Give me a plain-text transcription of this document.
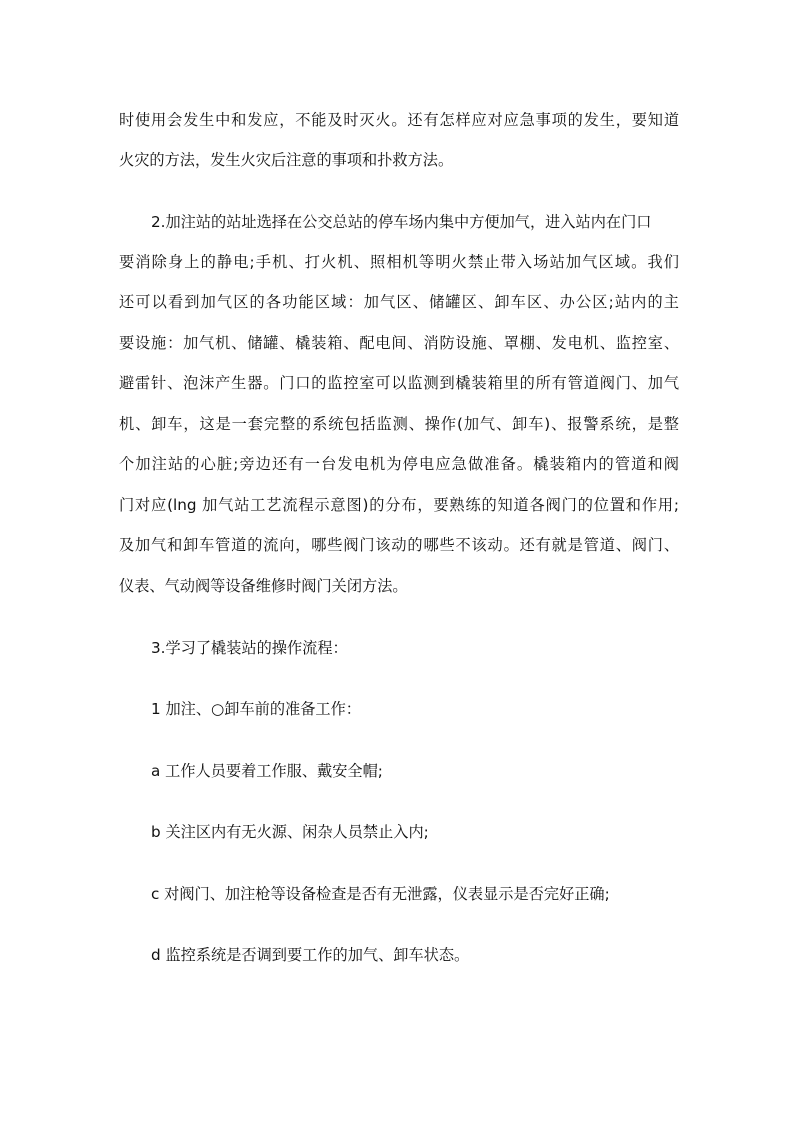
时使用会发生中和发应，不能及时灭火。还有怎样应对应急事项的发生，要知道
火灾的方法，发生火灾后注意的事项和扑救方法。
2.加注站的站址选择在公交总站的停车场内集中方便加气，进入站内在门口
要消除身上的静电;手机、打火机、照相机等明火禁止带入场站加气区域。我们
还可以看到加气区的各功能区域：加气区、储罐区、卸车区、办公区;站内的主
要设施：加气机、储罐、橇装箱、配电间、消防设施、罩棚、发电机、监控室、
避雷针、泡沫产生器。门口的监控室可以监测到橇装箱里的所有管道阀门、加气
机、卸车，这是一套完整的系统包括监测、操作(加气、卸车)、报警系统，是整
个加注站的心脏;旁边还有一台发电机为停电应急做准备。橇装箱内的管道和阀
门对应(lng 加气站工艺流程示意图)的分布，要熟练的知道各阀门的位置和作用;
及加气和卸车管道的流向，哪些阀门该动的哪些不该动。还有就是管道、阀门、
仪表、气动阀等设备维修时阀门关闭方法。
3.学习了橇装站的操作流程：
1 加注、○卸车前的准备工作：
a 工作人员要着工作服、戴安全帽;
b 关注区内有无火源、闲杂人员禁止入内;
c 对阀门、加注枪等设备检查是否有无泄露，仪表显示是否完好正确;
d 监控系统是否调到要工作的加气、卸车状态。
